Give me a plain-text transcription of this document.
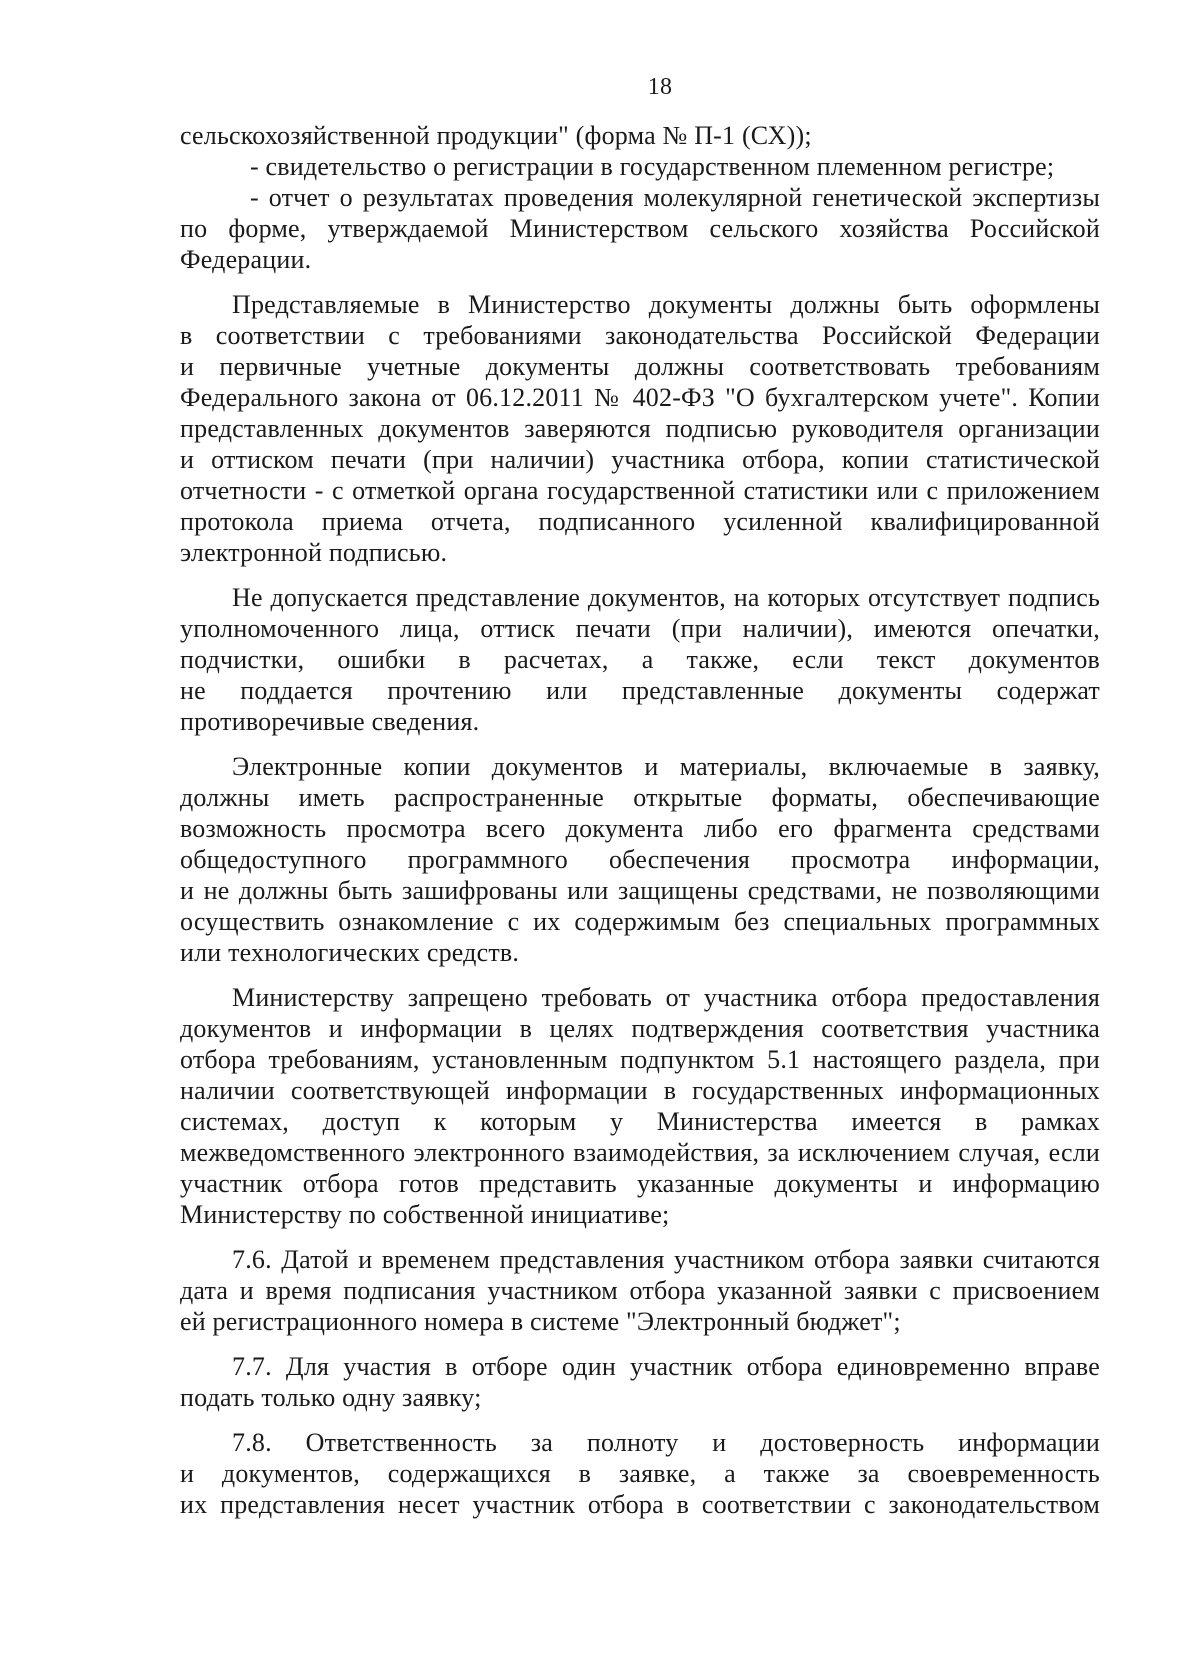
18
сельскохозяйственной продукции" (форма № П-1 (СХ));
- свидетельство о регистрации в государственном племенном регистре;
- отчет о результатах проведения молекулярной генетической экспертизы
по форме, утверждаемой Министерством сельского хозяйства Российской
Федерации.
Представляемые в Министерство документы должны быть оформлены
в соответствии с требованиями законодательства Российской Федерации
и первичные учетные документы должны соответствовать требованиям
Федерального закона от 06.12.2011 № 402-ФЗ "О бухгалтерском учете". Копии
представленных документов заверяются подписью руководителя организации
и оттиском печати (при наличии) участника отбора, копии статистической
отчетности - с отметкой органа государственной статистики или с приложением
протокола приема отчета, подписанного усиленной квалифицированной
электронной подписью.
Не допускается представление документов, на которых отсутствует подпись
уполномоченного лица, оттиск печати (при наличии), имеются опечатки,
подчистки, ошибки в расчетах, а также, если текст документов
не поддается прочтению или представленные документы содержат
противоречивые сведения.
Электронные копии документов и материалы, включаемые в заявку,
должны иметь распространенные открытые форматы, обеспечивающие
возможность просмотра всего документа либо его фрагмента средствами
общедоступного программного обеспечения просмотра информации,
и не должны быть зашифрованы или защищены средствами, не позволяющими
осуществить ознакомление с их содержимым без специальных программных
или технологических средств.
Министерству запрещено требовать от участника отбора предоставления
документов и информации в целях подтверждения соответствия участника
отбора требованиям, установленным подпунктом 5.1 настоящего раздела, при
наличии соответствующей информации в государственных информационных
системах, доступ к которым у Министерства имеется в рамках
межведомственного электронного взаимодействия, за исключением случая, если
участник отбора готов представить указанные документы и информацию
Министерству по собственной инициативе;
7.6. Датой и временем представления участником отбора заявки считаются
дата и время подписания участником отбора указанной заявки с присвоением
ей регистрационного номера в системе "Электронный бюджет";
7.7. Для участия в отборе один участник отбора единовременно вправе
подать только одну заявку;
7.8. Ответственность за полноту и достоверность информации
и документов, содержащихся в заявке, а также за своевременность
их представления несет участник отбора в соответствии с законодательством
